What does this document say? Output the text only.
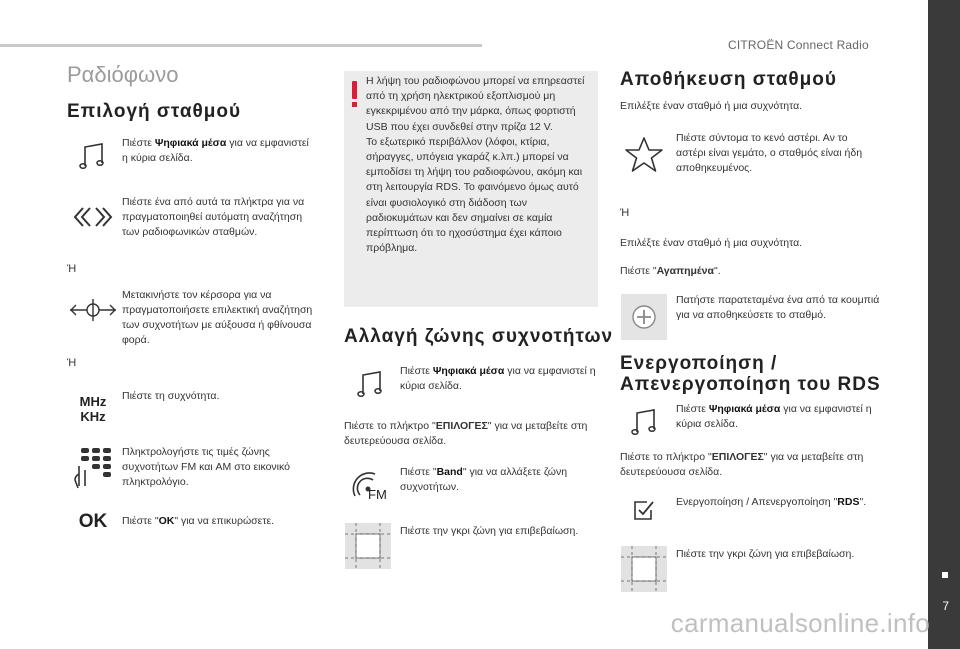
CITROËN Connect Radio
7
Ραδιόφωνο
Επιλογή σταθμού
Πιέστε Ψηφιακά μέσα για να εμφανιστεί η κύρια σελίδα.
Πιέστε ένα από αυτά τα πλήκτρα για να πραγματοποιηθεί αυτόματη αναζήτηση των ραδιοφωνικών σταθμών.
Ή
Μετακινήστε τον κέρσορα για να πραγματοποιήσετε επιλεκτική αναζήτηση των συχνοτήτων με αύξουσα ή φθίνουσα φορά.
Ή
MHz
KHz
Πιέστε τη συχνότητα.
Πληκτρολογήστε τις τιμές ζώνης συχνοτήτων FM και AM στο εικονικό πληκτρολόγιο.
OK	Πιέστε "OK" για να επικυρώσετε.

Η λήψη του ραδιοφώνου μπορεί να επηρεαστεί από τη χρήση ηλεκτρικού εξοπλισμού μη εγκεκριμένου από την μάρκα, όπως φορτιστή USB που έχει συνδεθεί στην πρίζα 12 V.
Το εξωτερικό περιβάλλον (λόφοι, κτίρια, σήραγγες, υπόγεια γκαράζ κ.λπ.) μπορεί να εμποδίσει τη λήψη του ραδιοφώνου, ακόμη και στη λειτουργία RDS. Το φαινόμενο όμως αυτό είναι φυσιολογικό στη διάδοση των ραδιοκυμάτων και δεν σημαίνει σε καμία περίπτωση ότι το ηχοσύστημα έχει κάποιο πρόβλημα.

Αλλαγή ζώνης συχνοτήτων
Πιέστε Ψηφιακά μέσα για να εμφανιστεί η κύρια σελίδα.
Πιέστε το πλήκτρο "ΕΠΙΛΟΓΕΣ" για να μεταβείτε στη δευτερεύουσα σελίδα.
FM
Πιέστε "Band" για να αλλάξετε ζώνη συχνοτήτων.
Πιέστε την γκρι ζώνη για επιβεβαίωση.
Αποθήκευση σταθμού
Επιλέξτε έναν σταθμό ή μια συχνότητα.
Πιέστε σύντομα το κενό αστέρι. Αν το αστέρι είναι γεμάτο, ο σταθμός είναι ήδη αποθηκευμένος.
Ή
Επιλέξτε έναν σταθμό ή μια συχνότητα.
Πιέστε "Αγαπημένα".
Πατήστε παρατεταμένα ένα από τα κουμπιά για να αποθηκεύσετε το σταθμό.
Ενεργοποίηση / Απενεργοποίηση του RDS
Πιέστε Ψηφιακά μέσα για να εμφανιστεί η κύρια σελίδα.
Πιέστε το πλήκτρο "ΕΠΙΛΟΓΕΣ" για να μεταβείτε στη δευτερεύουσα σελίδα.
Ενεργοποίηση / Απενεργοποίηση "RDS".
Πιέστε την γκρι ζώνη για επιβεβαίωση.
carmanualsonline.info
